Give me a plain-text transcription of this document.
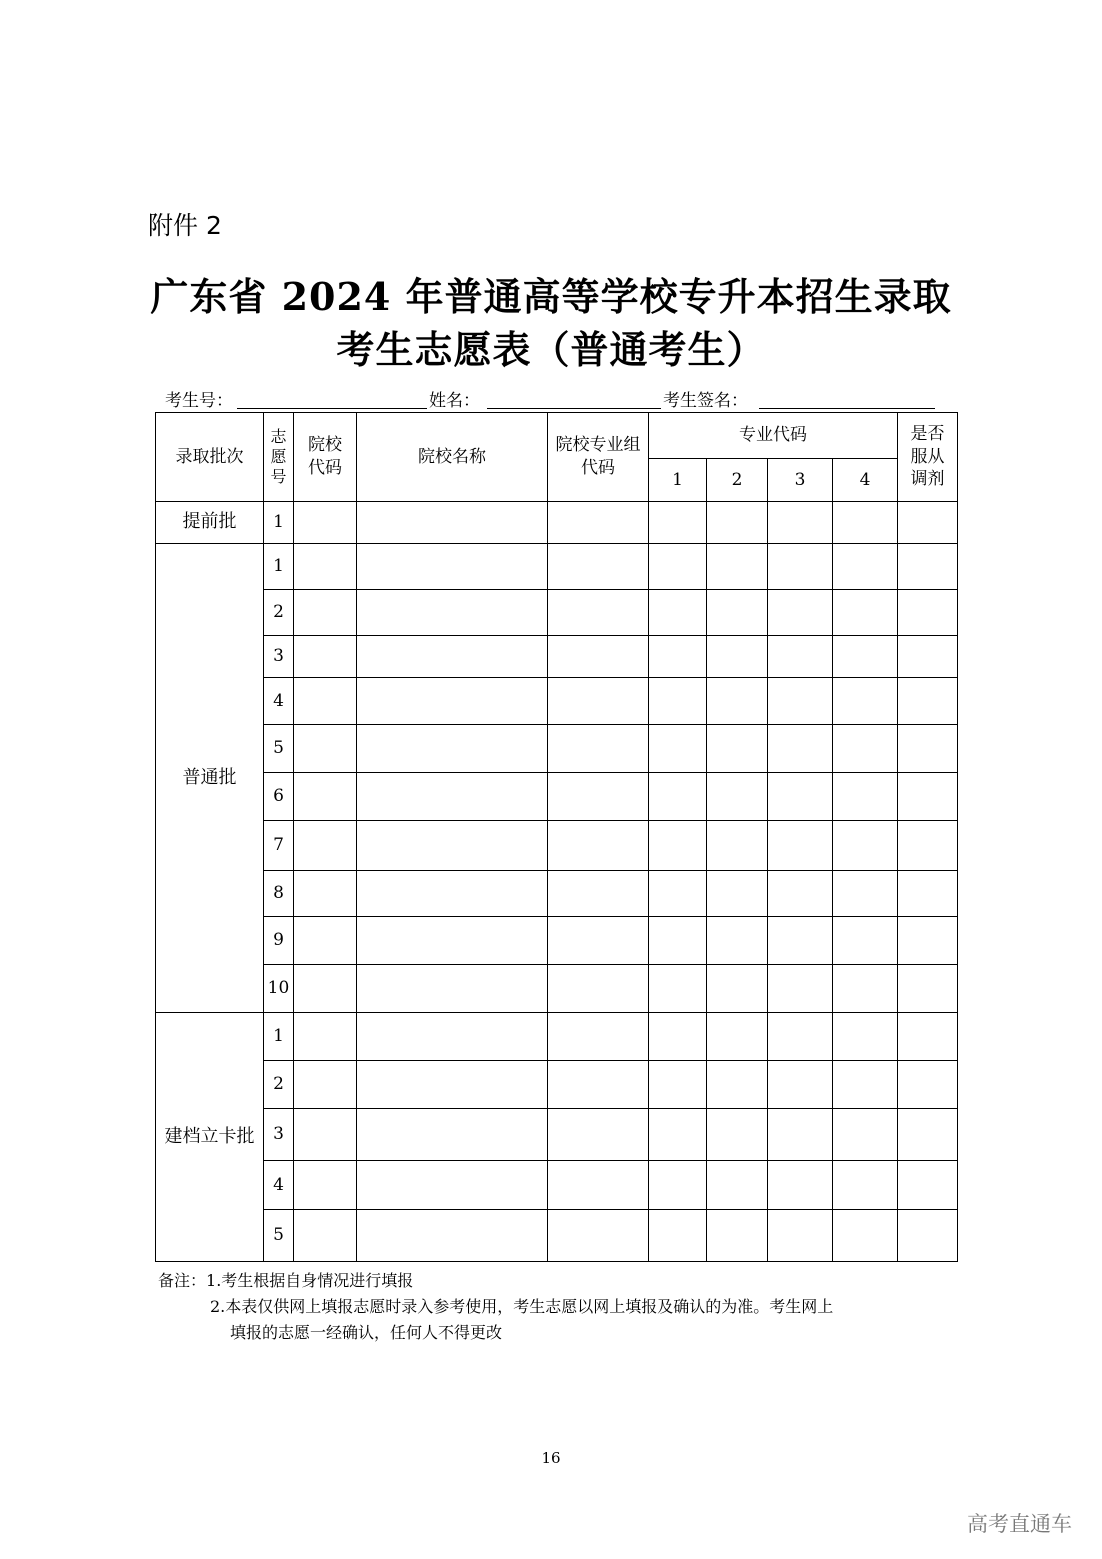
附件 2
广东省 2024 年普通高等学校专升本招生录取
考生志愿表（普通考生）
考生号：	姓名：	考生签名：
录取批次	志愿号	院校代码	院校名称	院校专业组代码	专业代码				是否服从调剂
					1	2	3	4	
提前批	1								
普通批	1								
	2								
	3								
	4								
	5								
	6								
	7								
	8								
	9								
	10								
建档立卡批	1								
	2								
	3								
	4								
	5								
备注：1.考生根据自身情况进行填报
2.本表仅供网上填报志愿时录入参考使用，考生志愿以网上填报及确认的为准。考生网上
填报的志愿一经确认，任何人不得更改
16
高考直通车
